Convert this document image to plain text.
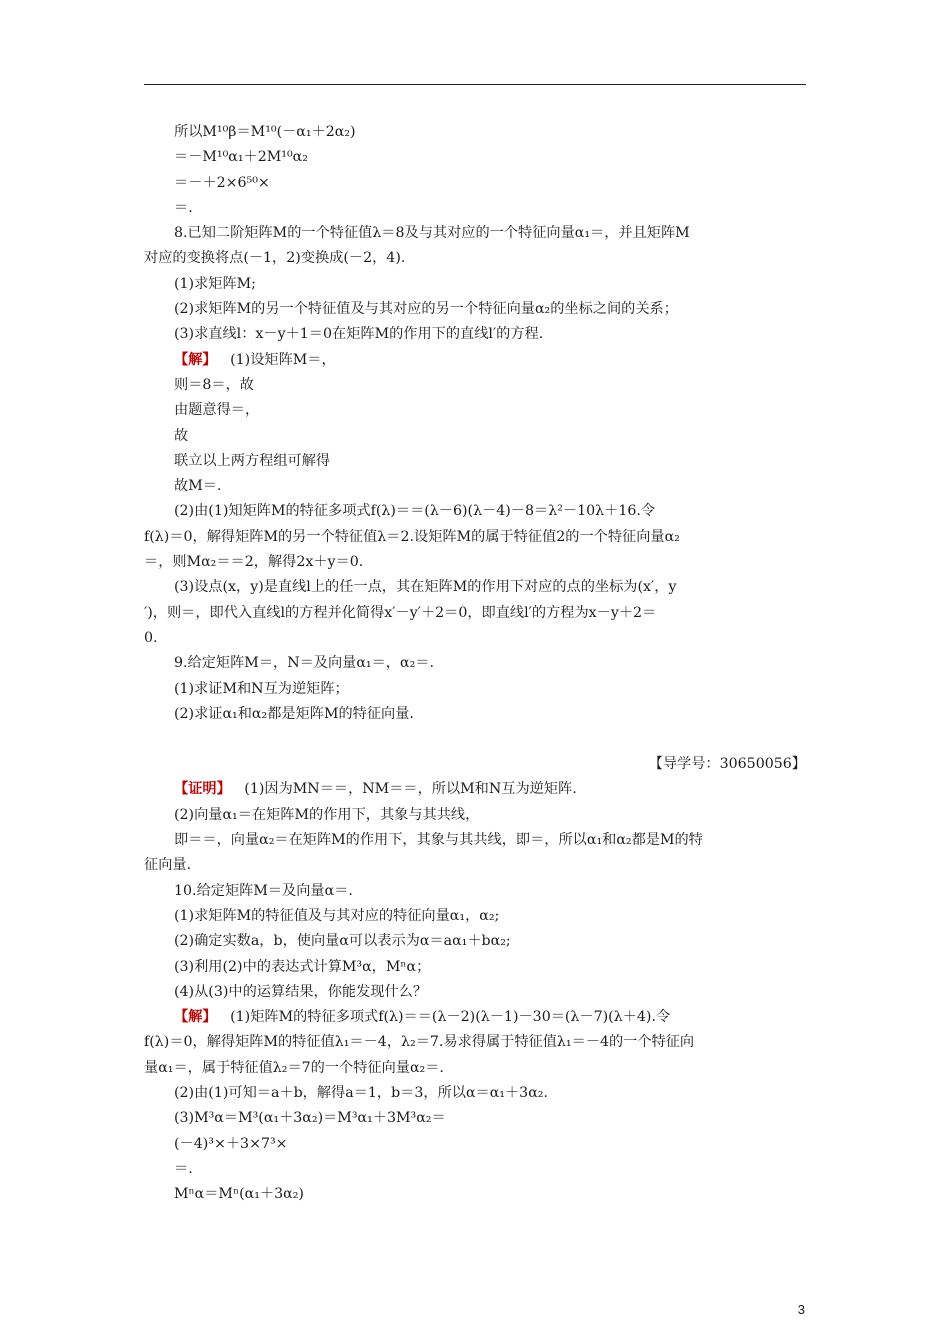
所以M¹⁰β＝M¹⁰(－α₁＋2α₂)
＝－M¹⁰α₁＋2M¹⁰α₂
＝－＋2×6⁵⁰×
＝.
8.已知二阶矩阵M的一个特征值λ＝8及与其对应的一个特征向量α₁＝，并且矩阵M
对应的变换将点(－1，2)变换成(－2，4).
(1)求矩阵M;
(2)求矩阵M的另一个特征值及与其对应的另一个特征向量α₂的坐标之间的关系；
(3)求直线l：x－y＋1＝0在矩阵M的作用下的直线l′的方程.
【解】 (1)设矩阵M＝，
则＝8＝，故
由题意得＝，
故
联立以上两方程组可解得
故M＝.
(2)由(1)知矩阵M的特征多项式f(λ)＝＝(λ－6)(λ－4)－8＝λ²－10λ＋16.令
f(λ)＝0，解得矩阵M的另一个特征值λ＝2.设矩阵M的属于特征值2的一个特征向量α₂
＝，则Mα₂＝＝2，解得2x＋y＝0.
(3)设点(x，y)是直线l上的任一点，其在矩阵M的作用下对应的点的坐标为(x′，y
′)，则＝，即代入直线l的方程并化简得x′－y′＋2＝0，即直线l′的方程为x－y＋2＝
0.
9.给定矩阵M＝，N＝及向量α₁＝，α₂＝.
(1)求证M和N互为逆矩阵；
(2)求证α₁和α₂都是矩阵M的特征向量.
【导学号：30650056】
【证明】 (1)因为MN＝＝，NM＝＝，所以M和N互为逆矩阵.
(2)向量α₁＝在矩阵M的作用下，其象与其共线，
即＝＝，向量α₂＝在矩阵M的作用下，其象与其共线，即＝，所以α₁和α₂都是M的特
征向量.
10.给定矩阵M＝及向量α＝.
(1)求矩阵M的特征值及与其对应的特征向量α₁，α₂;
(2)确定实数a，b，使向量α可以表示为α＝aα₁＋bα₂;
(3)利用(2)中的表达式计算M³α，Mⁿα；
(4)从(3)中的运算结果，你能发现什么？
【解】 (1)矩阵M的特征多项式f(λ)＝＝(λ－2)(λ－1)－30＝(λ－7)(λ＋4).令
f(λ)＝0，解得矩阵M的特征值λ₁＝－4，λ₂＝7.易求得属于特征值λ₁＝－4的一个特征向
量α₁＝，属于特征值λ₂＝7的一个特征向量α₂＝.
(2)由(1)可知＝a＋b，解得a＝1，b＝3，所以α＝α₁＋3α₂.
(3)M³α＝M³(α₁＋3α₂)＝M³α₁＋3M³α₂＝
(－4)³×＋3×7³×
＝.
Mⁿα＝Mⁿ(α₁＋3α₂)
3
